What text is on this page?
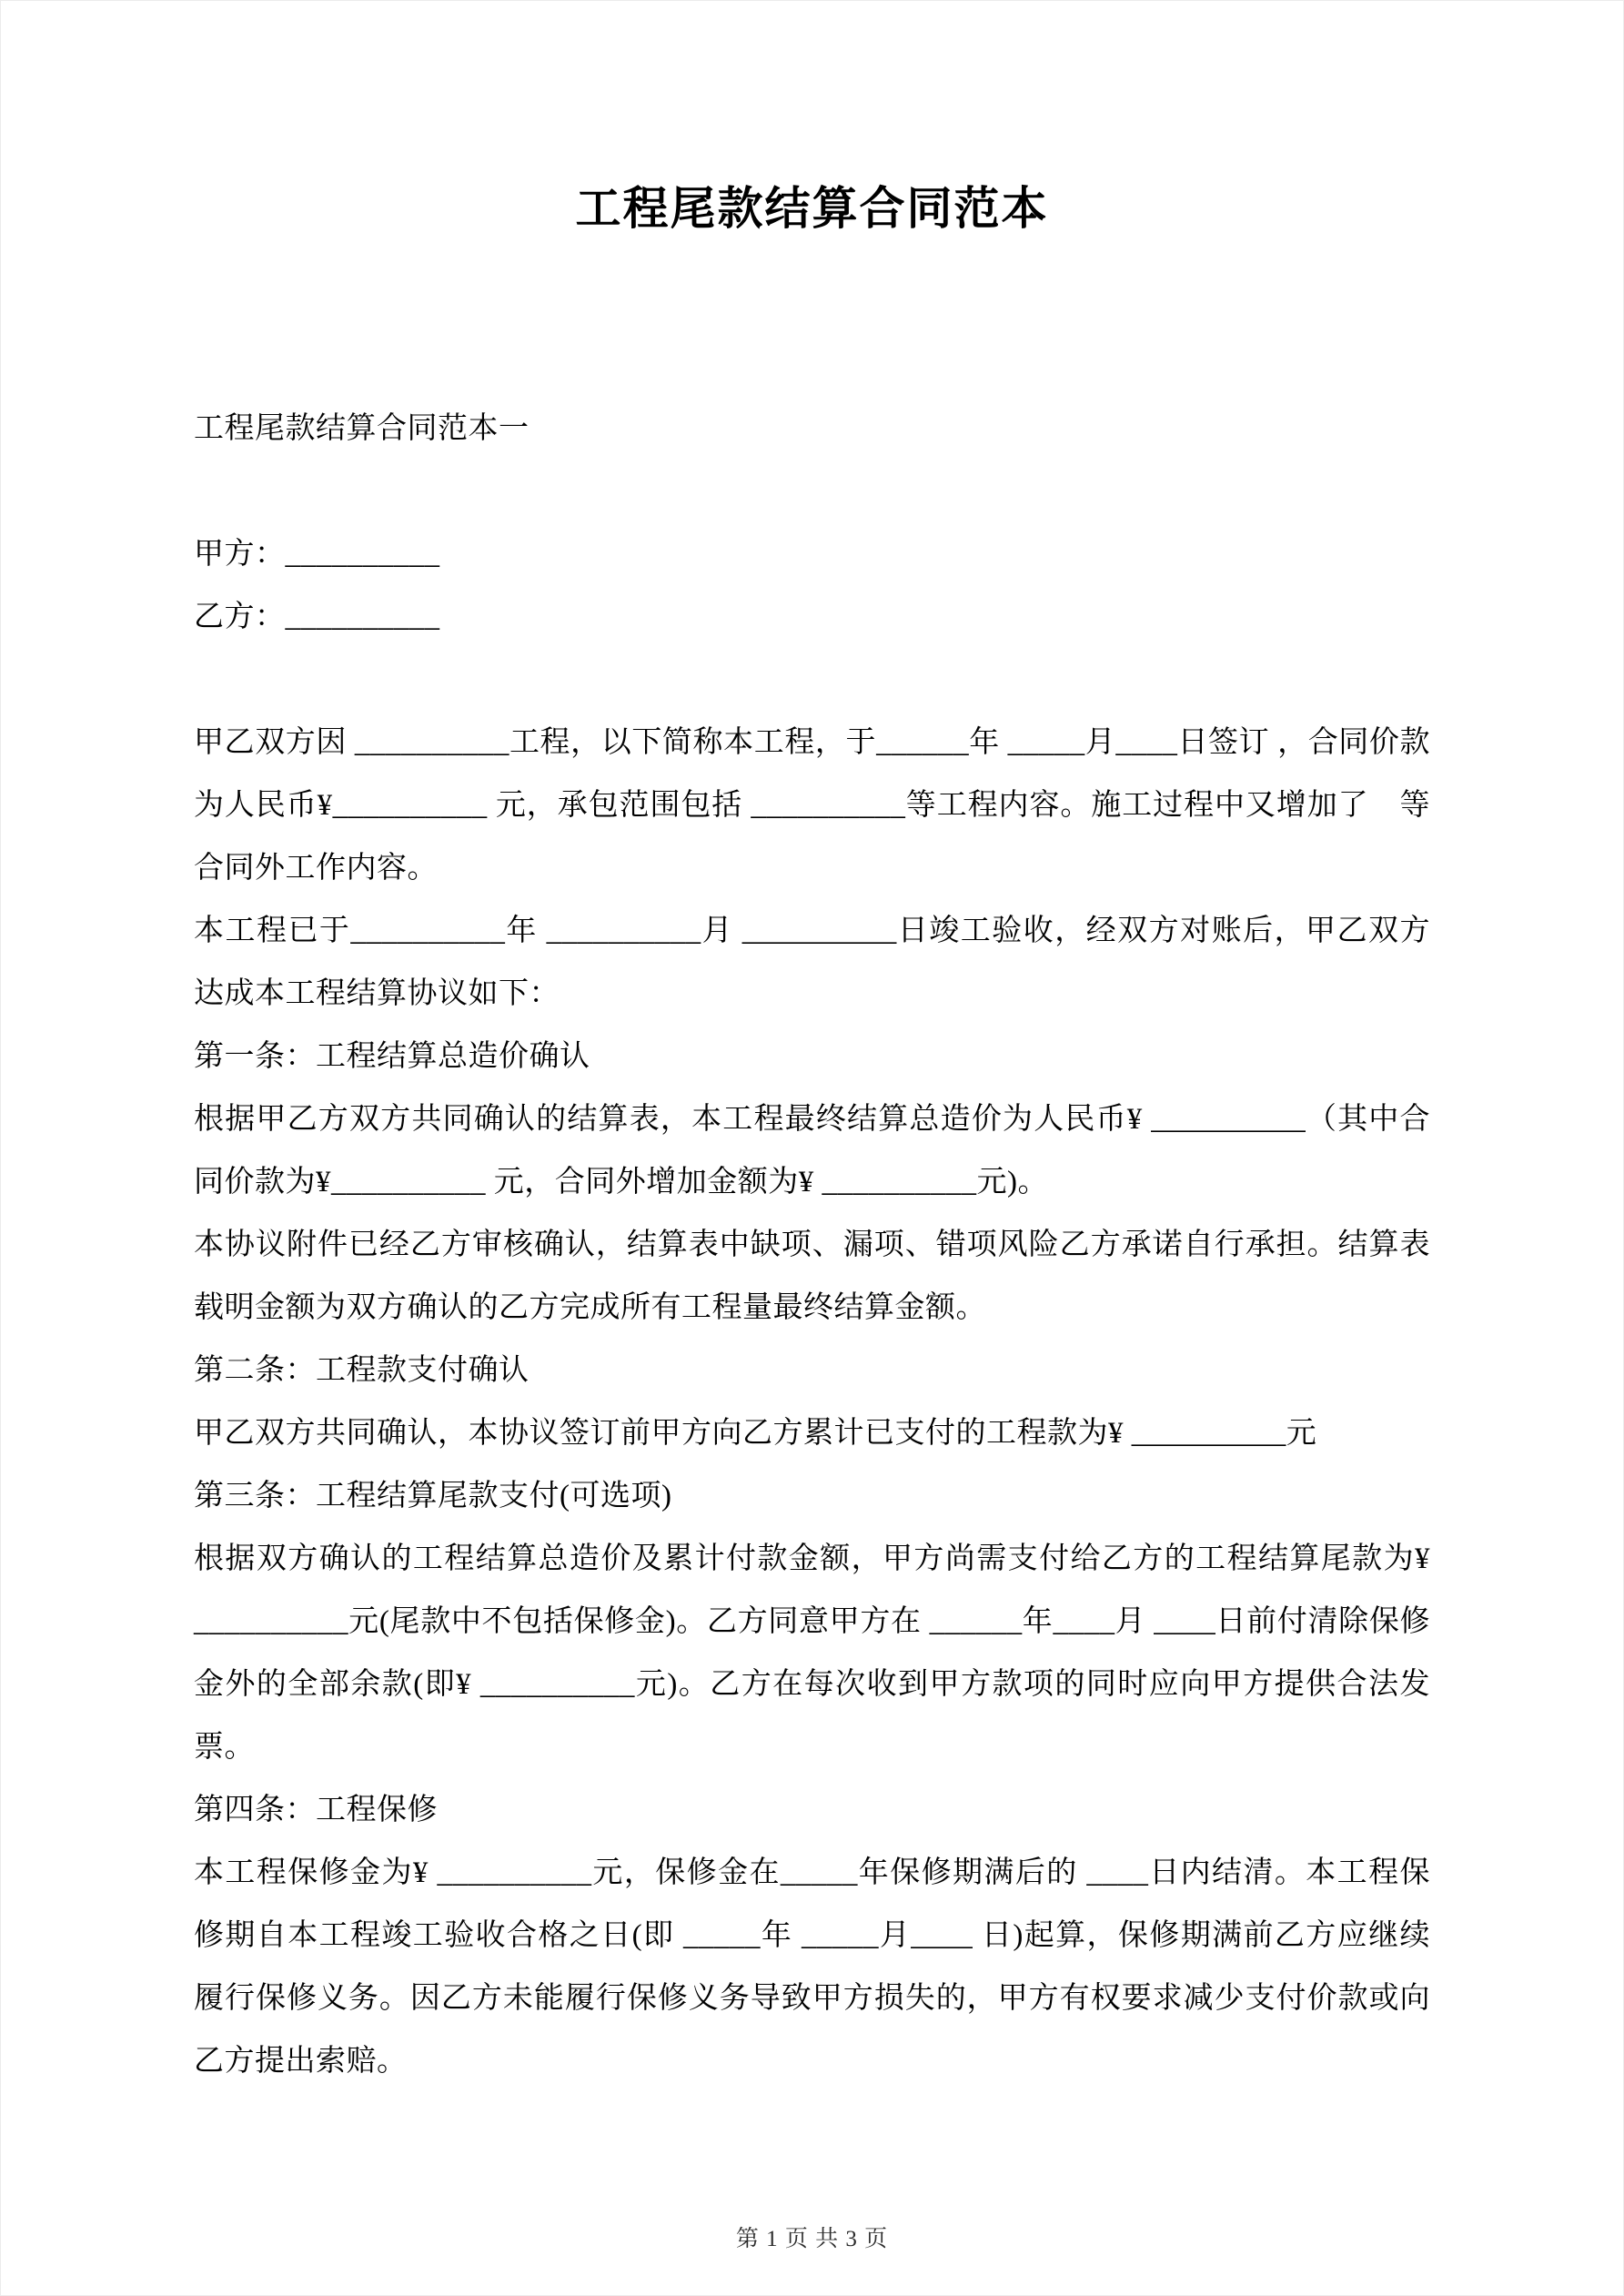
工程尾款结算合同范本

工程尾款结算合同范本一

甲方：__________

乙方：__________

甲乙双方因 __________工程，以下简称本工程，于______年 _____月____日签订 ，合同价款为人民币¥__________ 元，承包范围包括 __________等工程内容。施工过程中又增加了　等合同外工作内容。

本工程已于__________年 __________月 __________日竣工验收，经双方对账后，甲乙双方达成本工程结算协议如下：

第一条：工程结算总造价确认

根据甲乙方双方共同确认的结算表，本工程最终结算总造价为人民币¥ __________（其中合同价款为¥__________ 元，合同外增加金额为¥ __________元)。

本协议附件已经乙方审核确认，结算表中缺项、漏项、错项风险乙方承诺自行承担。结算表载明金额为双方确认的乙方完成所有工程量最终结算金额。

第二条：工程款支付确认

甲乙双方共同确认，本协议签订前甲方向乙方累计已支付的工程款为¥ __________元

第三条：工程结算尾款支付(可选项)

根据双方确认的工程结算总造价及累计付款金额，甲方尚需支付给乙方的工程结算尾款为¥ __________元(尾款中不包括保修金)。乙方同意甲方在 ______年____月 ____日前付清除保修金外的全部余款(即¥ __________元)。乙方在每次收到甲方款项的同时应向甲方提供合法发票。

第四条：工程保修

本工程保修金为¥ __________元，保修金在_____年保修期满后的 ____日内结清。本工程保修期自本工程竣工验收合格之日(即 _____年 _____月____ 日)起算，保修期满前乙方应继续履行保修义务。因乙方未能履行保修义务导致甲方损失的，甲方有权要求减少支付价款或向乙方提出索赔。

第 1 页 共 3 页
